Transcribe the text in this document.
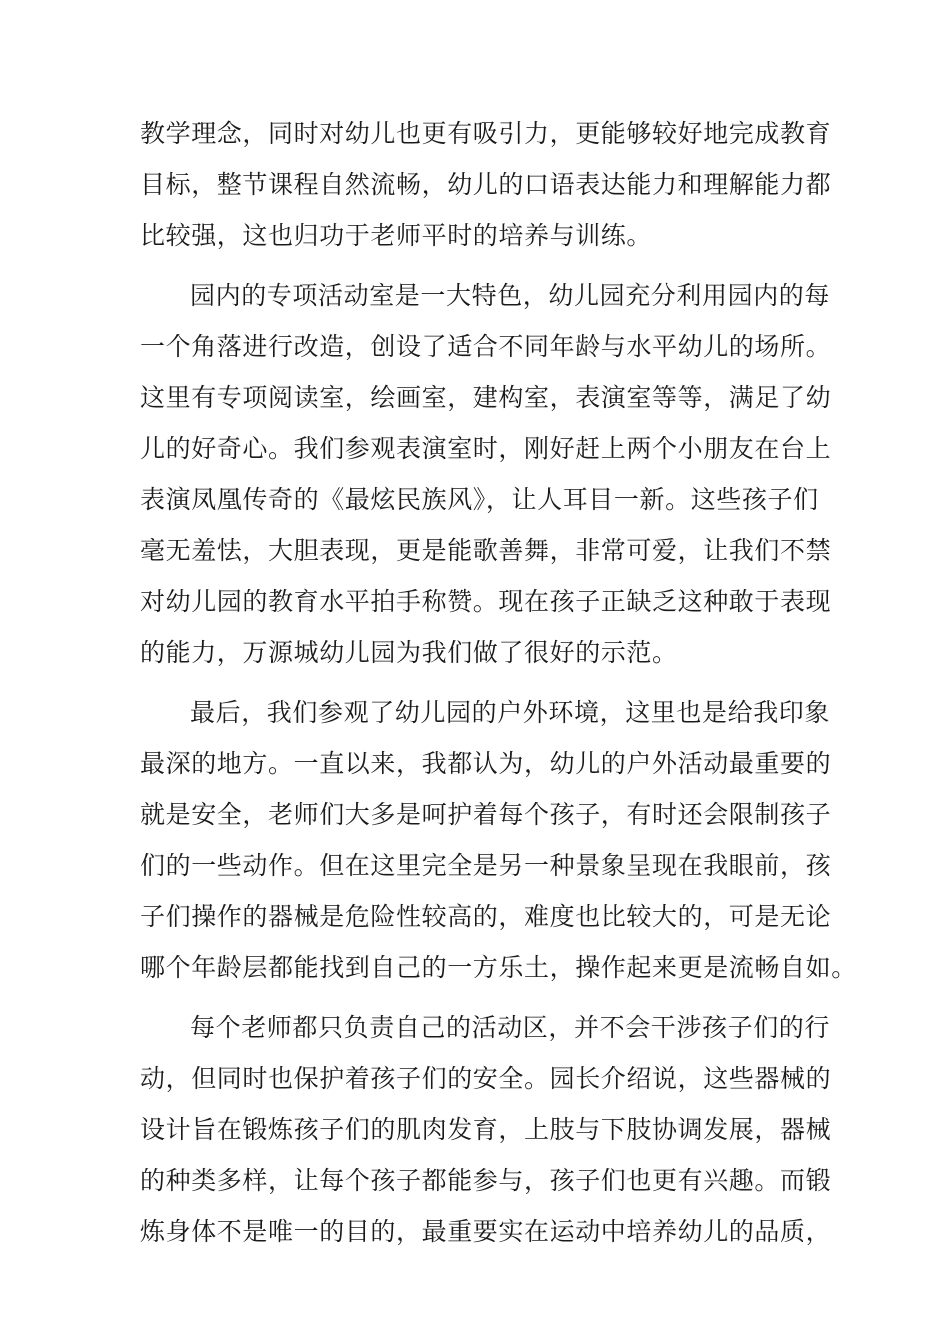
教学理念，同时对幼儿也更有吸引力，更能够较好地完成教育
目标，整节课程自然流畅，幼儿的口语表达能力和理解能力都
比较强，这也归功于老师平时的培养与训练。

园内的专项活动室是一大特色，幼儿园充分利用园内的每
一个角落进行改造，创设了适合不同年龄与水平幼儿的场所。
这里有专项阅读室，绘画室，建构室，表演室等等，满足了幼
儿的好奇心。我们参观表演室时，刚好赶上两个小朋友在台上
表演凤凰传奇的《最炫民族风》，让人耳目一新。这些孩子们
毫无羞怯，大胆表现，更是能歌善舞，非常可爱，让我们不禁
对幼儿园的教育水平拍手称赞。现在孩子正缺乏这种敢于表现
的能力，万源城幼儿园为我们做了很好的示范。

最后，我们参观了幼儿园的户外环境，这里也是给我印象
最深的地方。一直以来，我都认为，幼儿的户外活动最重要的
就是安全，老师们大多是呵护着每个孩子，有时还会限制孩子
们的一些动作。但在这里完全是另一种景象呈现在我眼前，孩
子们操作的器械是危险性较高的，难度也比较大的，可是无论
哪个年龄层都能找到自己的一方乐土，操作起来更是流畅自如。

每个老师都只负责自己的活动区，并不会干涉孩子们的行
动，但同时也保护着孩子们的安全。园长介绍说，这些器械的
设计旨在锻炼孩子们的肌肉发育，上肢与下肢协调发展，器械
的种类多样，让每个孩子都能参与，孩子们也更有兴趣。而锻
炼身体不是唯一的目的，最重要实在运动中培养幼儿的品质，
